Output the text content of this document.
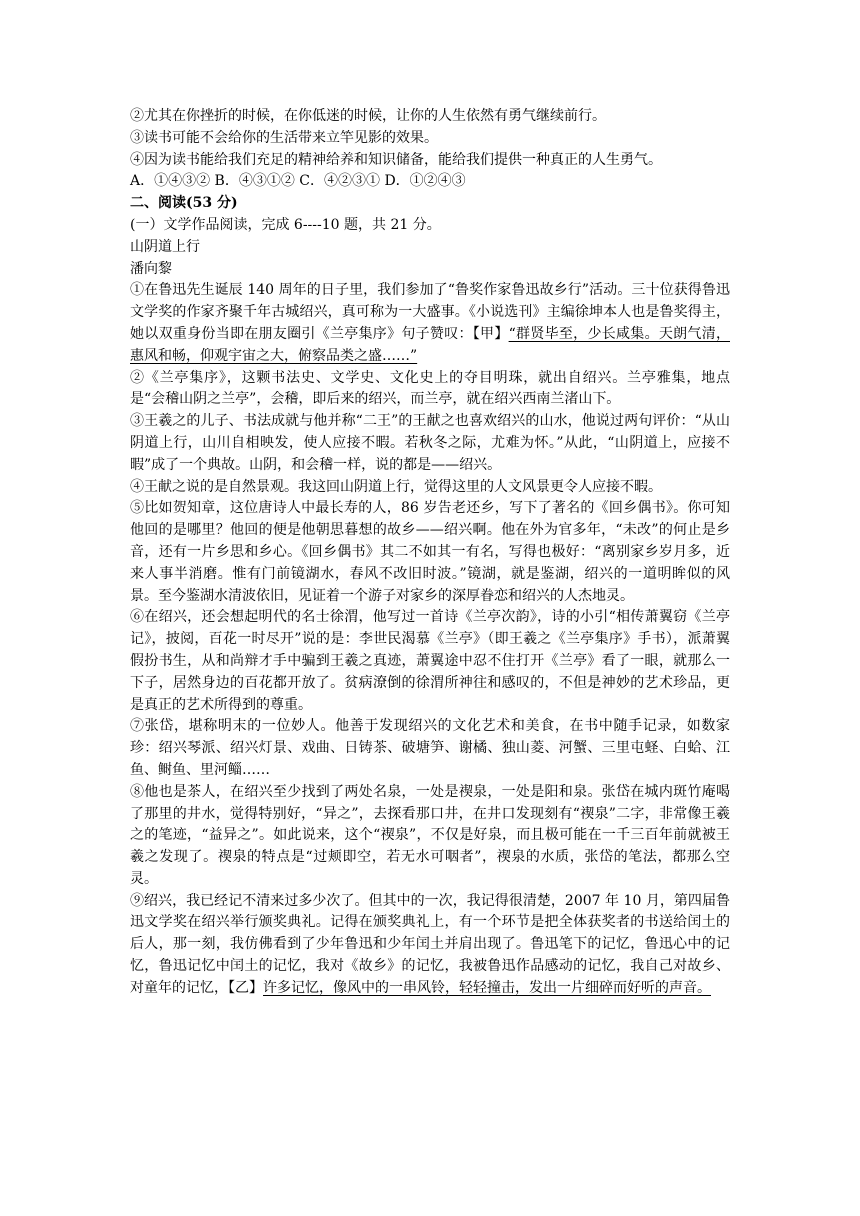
②尤其在你挫折的时候，在你低迷的时候，让你的人生依然有勇气继续前行。
③读书可能不会给你的生活带来立竿见影的效果。
④因为读书能给我们充足的精神给养和知识储备，能给我们提供一种真正的人生勇气。
A．①④③② B．④③①② C．④②③① D．①②④③
二、阅读(53 分)
(一）文学作品阅读，完成 6----10 题，共 21 分。
山阴道上行
潘向黎
①在鲁迅先生诞辰 140 周年的日子里，我们参加了“鲁奖作家鲁迅故乡行”活动。三十位获得鲁迅文学奖的作家齐聚千年古城绍兴，真可称为一大盛事。《小说选刊》主编徐坤本人也是鲁奖得主，她以双重身份当即在朋友圈引《兰亭集序》句子赞叹：【甲】“群贤毕至，少长咸集。天朗气清，惠风和畅，仰观宇宙之大，俯察品类之盛……”
②《兰亭集序》，这颗书法史、文学史、文化史上的夺目明珠，就出自绍兴。兰亭雅集，地点是“会稽山阴之兰亭”，会稽，即后来的绍兴，而兰亭，就在绍兴西南兰渚山下。
③王羲之的儿子、书法成就与他并称“二王”的王献之也喜欢绍兴的山水，他说过两句评价：“从山阴道上行，山川自相映发，使人应接不暇。若秋冬之际，尤难为怀。”从此，“山阴道上，应接不暇”成了一个典故。山阴，和会稽一样，说的都是——绍兴。
④王献之说的是自然景观。我这回山阴道上行，觉得这里的人文风景更令人应接不暇。
⑤比如贺知章，这位唐诗人中最长寿的人，86 岁告老还乡，写下了著名的《回乡偶书》。你可知他回的是哪里？他回的便是他朝思暮想的故乡——绍兴啊。他在外为官多年，“未改”的何止是乡音，还有一片乡思和乡心。《回乡偶书》其二不如其一有名，写得也极好：“离别家乡岁月多，近来人事半消磨。惟有门前镜湖水，春风不改旧时波。”镜湖，就是鉴湖，绍兴的一道明眸似的风景。至今鉴湖水清波依旧，见证着一个游子对家乡的深厚眷恋和绍兴的人杰地灵。
⑥在绍兴，还会想起明代的名士徐渭，他写过一首诗《兰亭次韵》，诗的小引“相传萧翼窃《兰亭记》，披阅，百花一时尽开”说的是：李世民渴慕《兰亭》（即王羲之《兰亭集序》手书），派萧翼假扮书生，从和尚辩才手中骗到王羲之真迹，萧翼途中忍不住打开《兰亭》看了一眼，就那么一下子，居然身边的百花都开放了。贫病潦倒的徐渭所神往和感叹的，不但是神妙的艺术珍品，更是真正的艺术所得到的尊重。
⑦张岱，堪称明末的一位妙人。他善于发现绍兴的文化艺术和美食，在书中随手记录，如数家珍：绍兴琴派、绍兴灯景、戏曲、日铸茶、破塘笋、谢橘、独山菱、河蟹、三里屯蛏、白蛤、江鱼、鲥鱼、里河鲻……
⑧他也是茶人，在绍兴至少找到了两处名泉，一处是禊泉，一处是阳和泉。张岱在城内斑竹庵喝了那里的井水，觉得特别好，“异之”，去探看那口井，在井口发现刻有“禊泉”二字，非常像王羲之的笔迹，“益异之”。如此说来，这个“禊泉”，不仅是好泉，而且极可能在一千三百年前就被王羲之发现了。禊泉的特点是“过颊即空，若无水可咽者”，禊泉的水质，张岱的笔法，都那么空灵。
⑨绍兴，我已经记不清来过多少次了。但其中的一次，我记得很清楚，2007 年 10 月，第四届鲁迅文学奖在绍兴举行颁奖典礼。记得在颁奖典礼上，有一个环节是把全体获奖者的书送给闰土的后人，那一刻，我仿佛看到了少年鲁迅和少年闰土并肩出现了。鲁迅笔下的记忆，鲁迅心中的记忆，鲁迅记忆中闰土的记忆，我对《故乡》的记忆，我被鲁迅作品感动的记忆，我自己对故乡、对童年的记忆，【乙】许多记忆，像风中的一串风铃，轻轻撞击，发出一片细碎而好听的声音。
